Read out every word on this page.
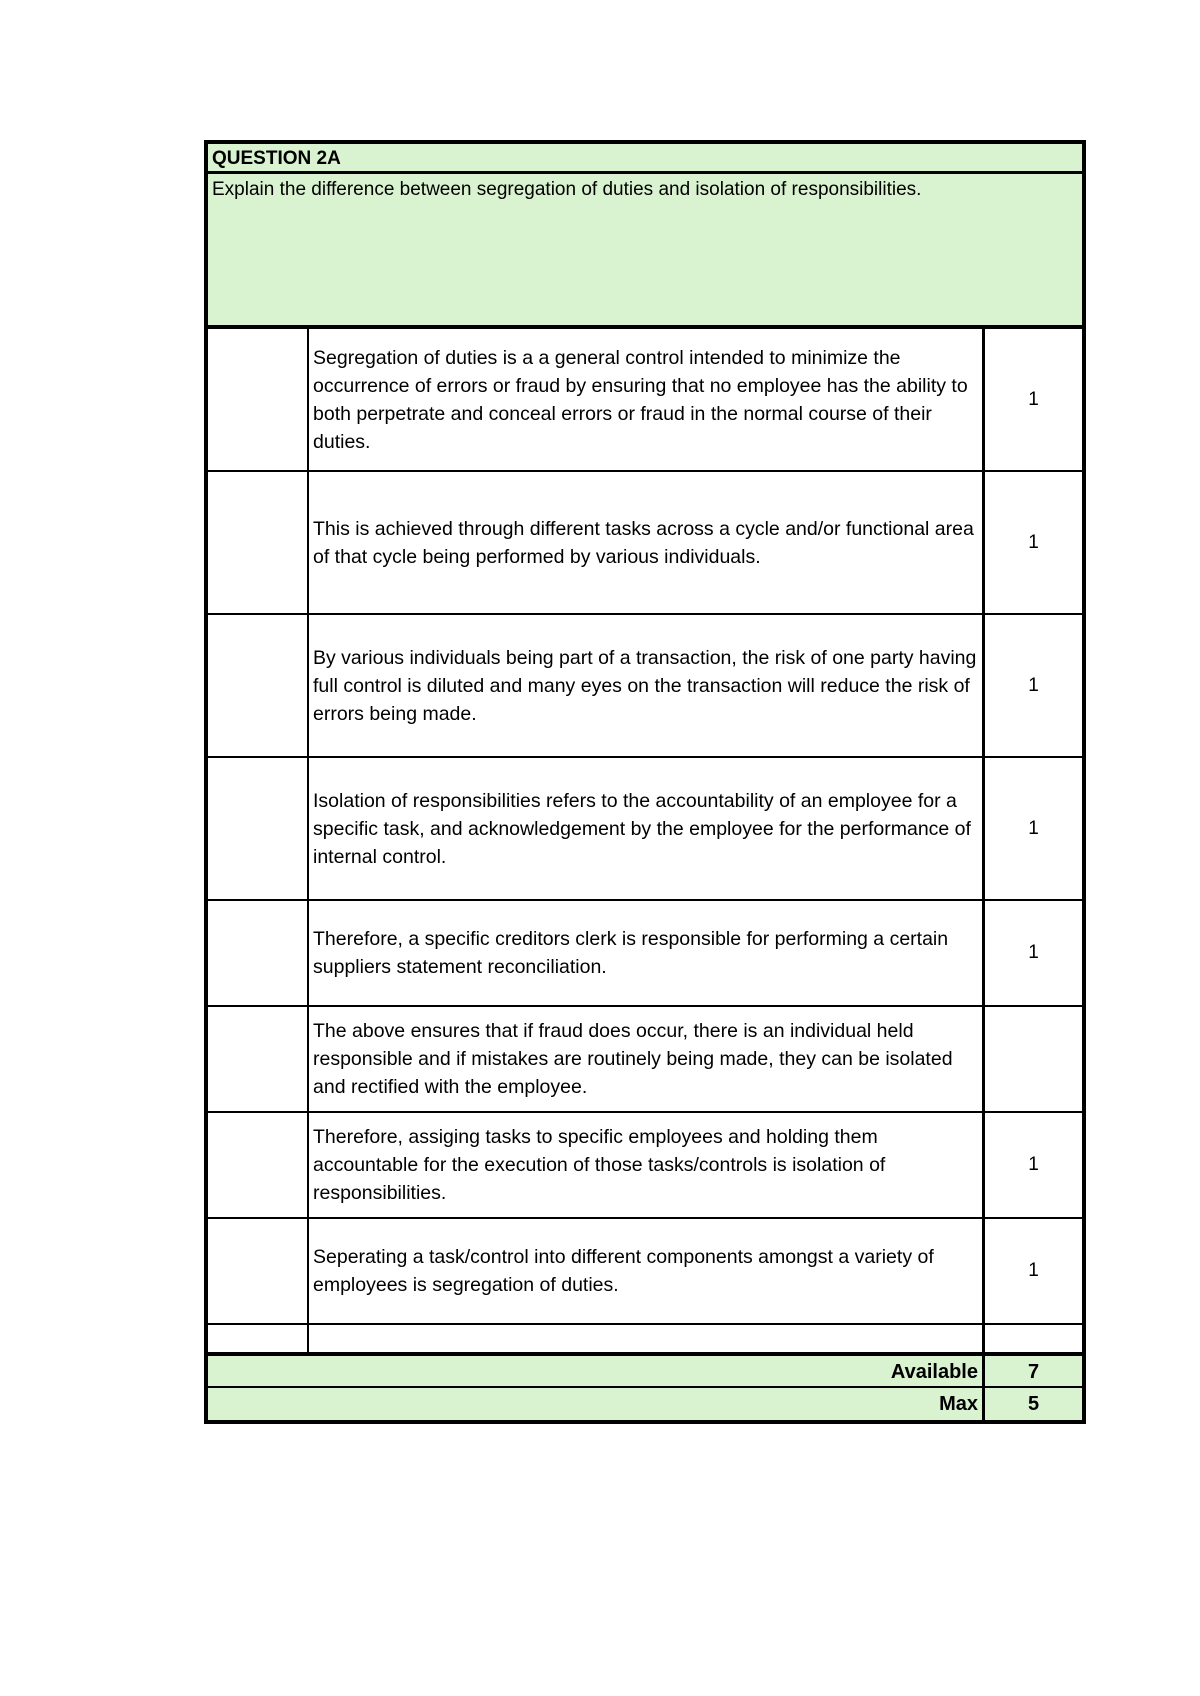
QUESTION 2A
Explain the difference between segregation of duties and isolation of responsibilities.
Segregation of duties is a a general control intended to minimize the occurrence of errors or fraud by ensuring that no employee has the ability to both perpetrate and conceal errors or fraud in the normal course of their duties.
1
This is achieved through different tasks across a cycle and/or functional area of that cycle being performed by various individuals.
1
By various individuals being part of a transaction, the risk of one party having full control is diluted and many eyes on the transaction will reduce the risk of errors being made.
1
Isolation of responsibilities refers to the accountability of an employee for a specific task, and acknowledgement by the employee for the performance of internal control.
1
Therefore, a specific creditors clerk is responsible for performing a certain suppliers statement reconciliation.
1
The above ensures that if fraud does occur, there is an individual held responsible and if mistakes are routinely being made, they can be isolated and rectified with the employee.
Therefore, assiging tasks to specific employees and holding them accountable for the execution of those tasks/controls is isolation of responsibilities.
1
Seperating a task/control into different components amongst a variety of employees is segregation of duties.
1
Available	7
Max	5
